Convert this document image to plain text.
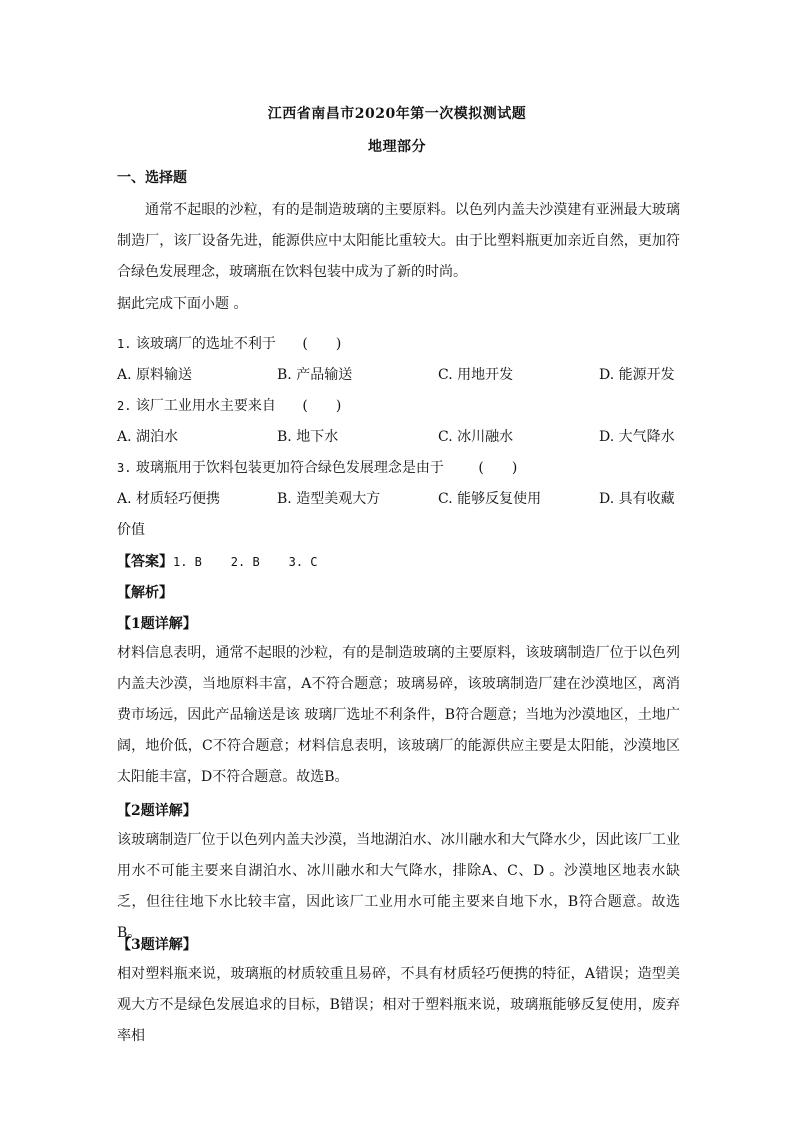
江西省南昌市2020年第一次模拟测试题
地理部分
一、选择题

通常不起眼的沙粒，有的是制造玻璃的主要原料。以色列内盖夫沙漠建有亚洲最大玻璃制造厂，该厂设备先进，能源供应中太阳能比重较大。由于比塑料瓶更加亲近自然，更加符合绿色发展理念，玻璃瓶在饮料包装中成为了新的时尚。

据此完成下面小题 。
1. 该玻璃厂的选址不利于 (　　)
A. 原料输送	B. 产品输送	C. 用地开发	D. 能源开发
2. 该厂工业用水主要来自 (　　)
A. 湖泊水	B. 地下水	C. 冰川融水	D. 大气降水
3. 玻璃瓶用于饮料包装更加符合绿色发展理念是由于 (　　)
A. 材质轻巧便携	B. 造型美观大方	C. 能够反复使用	D. 具有收藏
价值
【答案】1. B    2. B    3. C
【解析】
【1题详解】

材料信息表明，通常不起眼的沙粒，有的是制造玻璃的主要原料，该玻璃制造厂位于以色列内盖夫沙漠，当地原料丰富，A不符合题意；玻璃易碎，该玻璃制造厂建在沙漠地区，离消费市场远，因此产品输送是该 玻璃厂选址不利条件，B符合题意；当地为沙漠地区，土地广阔，地价低，C不符合题意；材料信息表明，该玻璃厂的能源供应主要是太阳能，沙漠地区太阳能丰富，D不符合题意。故选B。

【2题详解】

该玻璃制造厂位于以色列内盖夫沙漠，当地湖泊水、冰川融水和大气降水少，因此该厂工业用水不可能主要来自湖泊水、冰川融水和大气降水，排除A、C、D 。沙漠地区地表水缺乏，但往往地下水比较丰富，因此该厂工业用水可能主要来自地下水，B符合题意。故选B。

【3题详解】

相对塑料瓶来说，玻璃瓶的材质较重且易碎，不具有材质轻巧便携的特征，A错误；造型美观大方不是绿色发展追求的目标，B错误；相对于塑料瓶来说，玻璃瓶能够反复使用，废弃率相
